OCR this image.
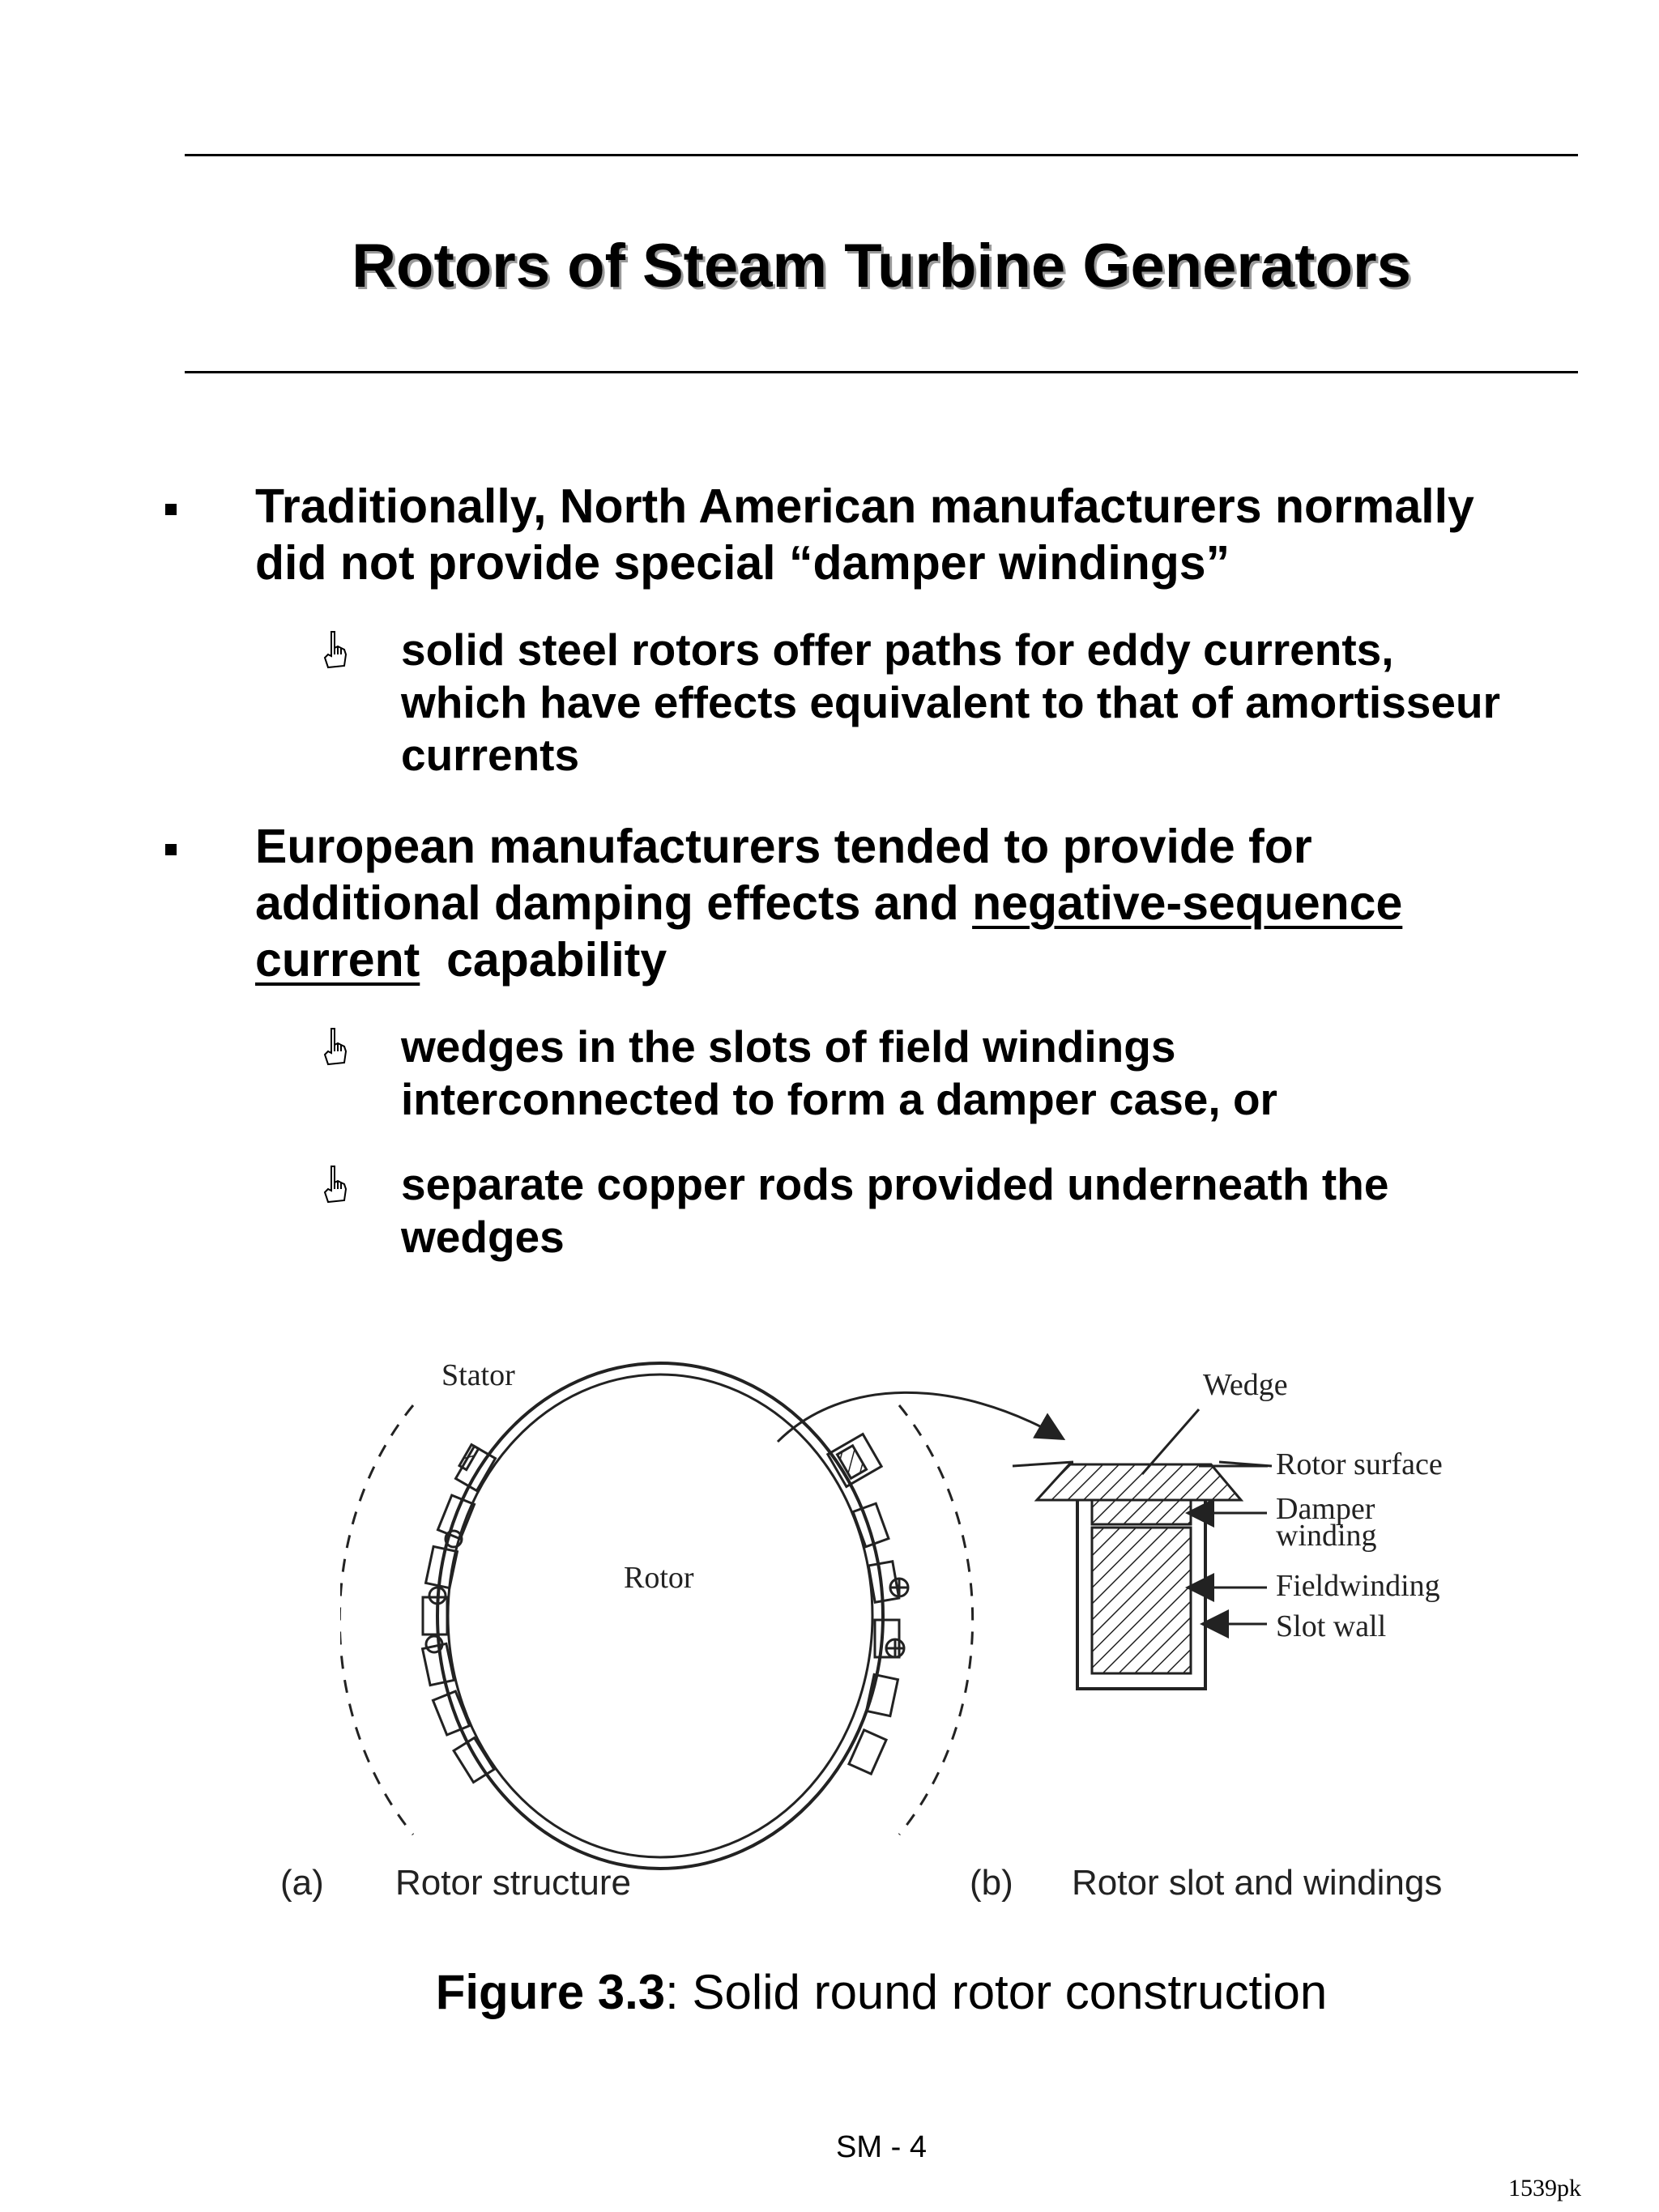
Rotors of Steam Turbine Generators
Traditionally, North American manufacturers normally
did not provide special “damper windings”
solid steel rotors offer paths for eddy currents,
which have effects equivalent to that of amortisseur
currents
European manufacturers tended to provide for
additional damping effects and negative-sequence
current  capability
wedges in the slots of field windings
interconnected to form a damper case, or
separate copper rods provided underneath the
wedges
Stator
Rotor
Wedge
Rotor surface
Damper
winding
Fieldwinding
Slot wall
(a) Rotor structure	(b) Rotor slot and windings
Figure 3.3: Solid round rotor construction
SM - 4
1539pk
